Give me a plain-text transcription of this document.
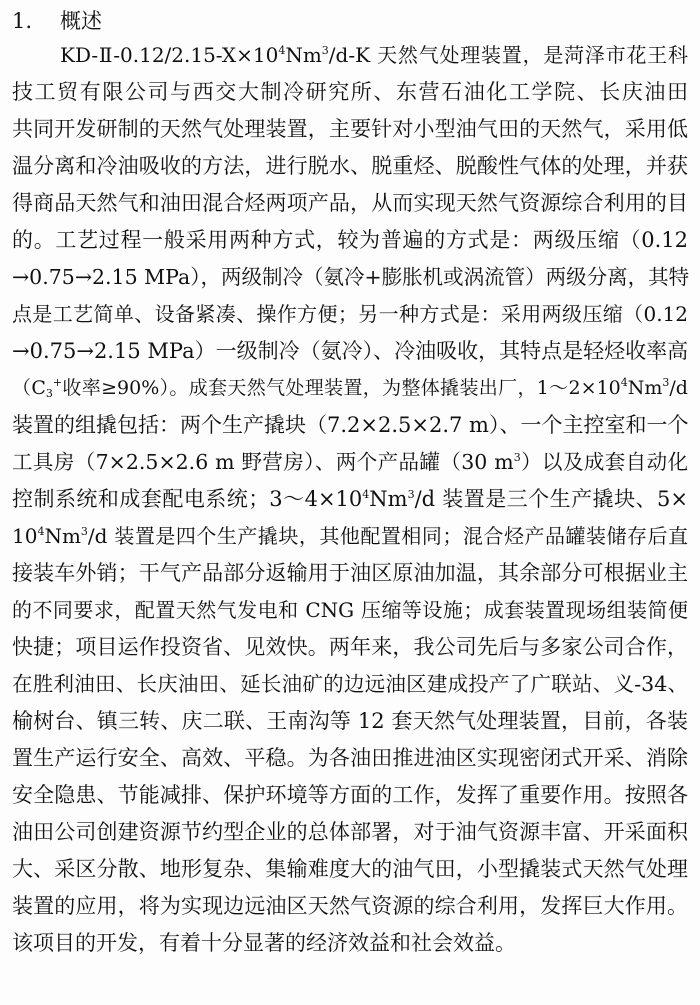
1. 概述
$KD-Ⅱ-0.12/2.15-X\times 10^4Nm^3/d-K$ 天然气处理装置，是菏泽市花王科
技工贸有限公司与西交大制冷研究所、东营石油化工学院、长庆油田
共同开发研制的天然气处理装置，主要针对小型油气田的天然气，采用低
温分离和冷油吸收的方法，进行脱水、脱重烃、脱酸性气体的处理，并获
得商品天然气和油田混合烃两项产品，从而实现天然气资源综合利用的目
的。工艺过程一般采用两种方式，较为普遍的方式是：两级压缩（0.12
→0.75→2.15 MPa），两级制冷（氨冷+膨胀机或涡流管）两级分离，其特
点是工艺简单、设备紧凑、操作方便；另一种方式是：采用两级压缩（0.12
→0.75→2.15 MPa）一级制冷（氨冷）、冷油吸收，其特点是轻烃收率高
（$C_3^+$收率≥90%）。成套天然气处理装置，为整体撬装出厂，$1\sim 2\times 10^4Nm^3/d$
装置的组撬包括：两个生产撬块（7.2×2.5×2.7 m）、一个主控室和一个
工具房（7×2.5×2.6 m 野营房）、两个产品罐（30 $m^3$）以及成套自动化
控制系统和成套配电系统；$3\sim 4\times 10^4Nm^3/d$ 装置是三个生产撬块、5×
$10^4Nm^3/d$ 装置是四个生产撬块，其他配置相同；混合烃产品罐装储存后直
接装车外销；干气产品部分返输用于油区原油加温，其余部分可根据业主
的不同要求，配置天然气发电和 CNG 压缩等设施；成套装置现场组装简便
快捷；项目运作投资省、见效快。两年来，我公司先后与多家公司合作，
在胜利油田、长庆油田、延长油矿的边远油区建成投产了广联站、义-34、
榆树台、镇三转、庆二联、王南沟等 12 套天然气处理装置，目前，各装
置生产运行安全、高效、平稳。为各油田推进油区实现密闭式开采、消除
安全隐患、节能减排、保护环境等方面的工作，发挥了重要作用。按照各
油田公司创建资源节约型企业的总体部署，对于油气资源丰富、开采面积
大、采区分散、地形复杂、集输难度大的油气田，小型撬装式天然气处理
装置的应用，将为实现边远油区天然气资源的综合利用，发挥巨大作用。
该项目的开发，有着十分显著的经济效益和社会效益。
